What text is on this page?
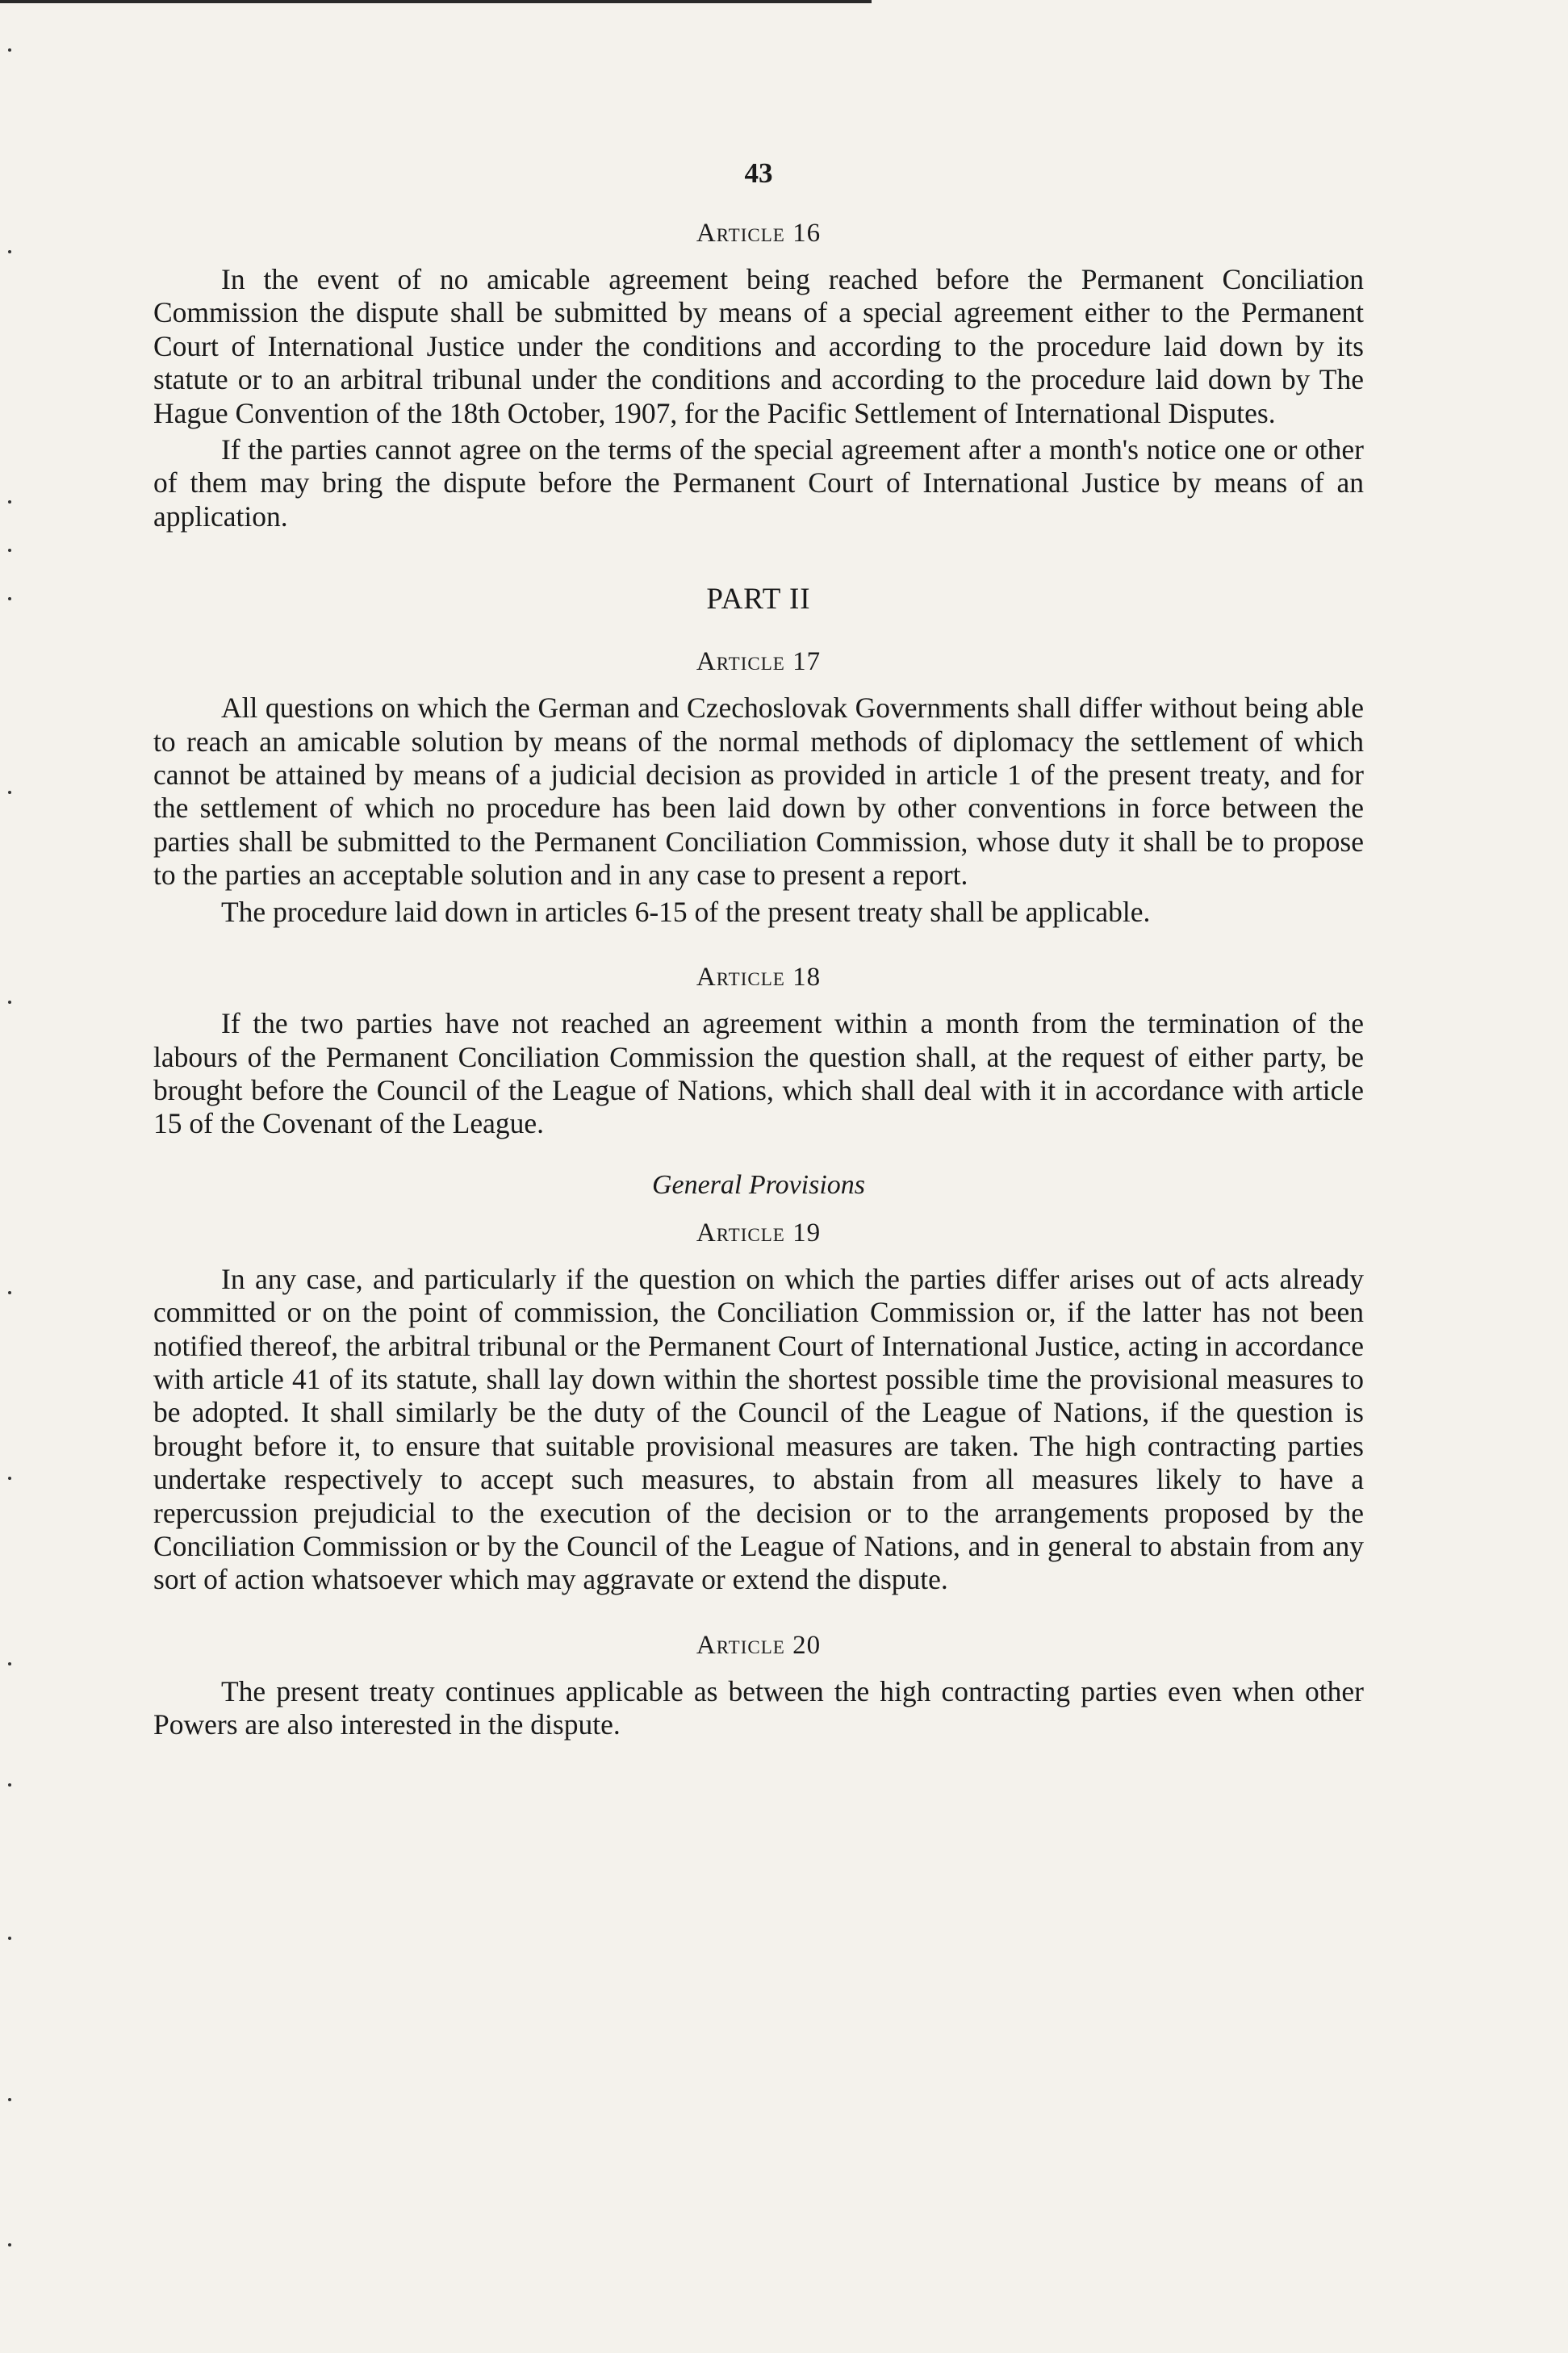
43
Article 16

In the event of no amicable agreement being reached before the Permanent Conciliation Commission the dispute shall be submitted by means of a special agreement either to the Permanent Court of International Justice under the conditions and according to the procedure laid down by its statute or to an arbitral tribunal under the conditions and according to the procedure laid down by The Hague Convention of the 18th October, 1907, for the Pacific Settlement of International Disputes.

If the parties cannot agree on the terms of the special agreement after a month's notice one or other of them may bring the dispute before the Permanent Court of International Justice by means of an application.

PART II
Article 17

All questions on which the German and Czechoslovak Governments shall differ without being able to reach an amicable solution by means of the normal methods of diplomacy the settlement of which cannot be attained by means of a judicial decision as provided in article 1 of the present treaty, and for the settlement of which no procedure has been laid down by other conventions in force between the parties shall be submitted to the Permanent Conciliation Commission, whose duty it shall be to propose to the parties an acceptable solution and in any case to present a report.

The procedure laid down in articles 6-15 of the present treaty shall be applicable.

Article 18

If the two parties have not reached an agreement within a month from the termination of the labours of the Permanent Conciliation Commission the question shall, at the request of either party, be brought before the Council of the League of Nations, which shall deal with it in accordance with article 15 of the Covenant of the League.

General Provisions
Article 19

In any case, and particularly if the question on which the parties differ arises out of acts already committed or on the point of commission, the Conciliation Commission or, if the latter has not been notified thereof, the arbitral tribunal or the Permanent Court of International Justice, acting in accordance with article 41 of its statute, shall lay down within the shortest possible time the provisional measures to be adopted. It shall similarly be the duty of the Council of the League of Nations, if the question is brought before it, to ensure that suitable provisional measures are taken. The high contracting parties undertake respectively to accept such measures, to abstain from all measures likely to have a repercussion prejudicial to the execution of the decision or to the arrangements proposed by the Conciliation Commission or by the Council of the League of Nations, and in general to abstain from any sort of action whatsoever which may aggravate or extend the dispute.

Article 20

The present treaty continues applicable as between the high contracting parties even when other Powers are also interested in the dispute.
